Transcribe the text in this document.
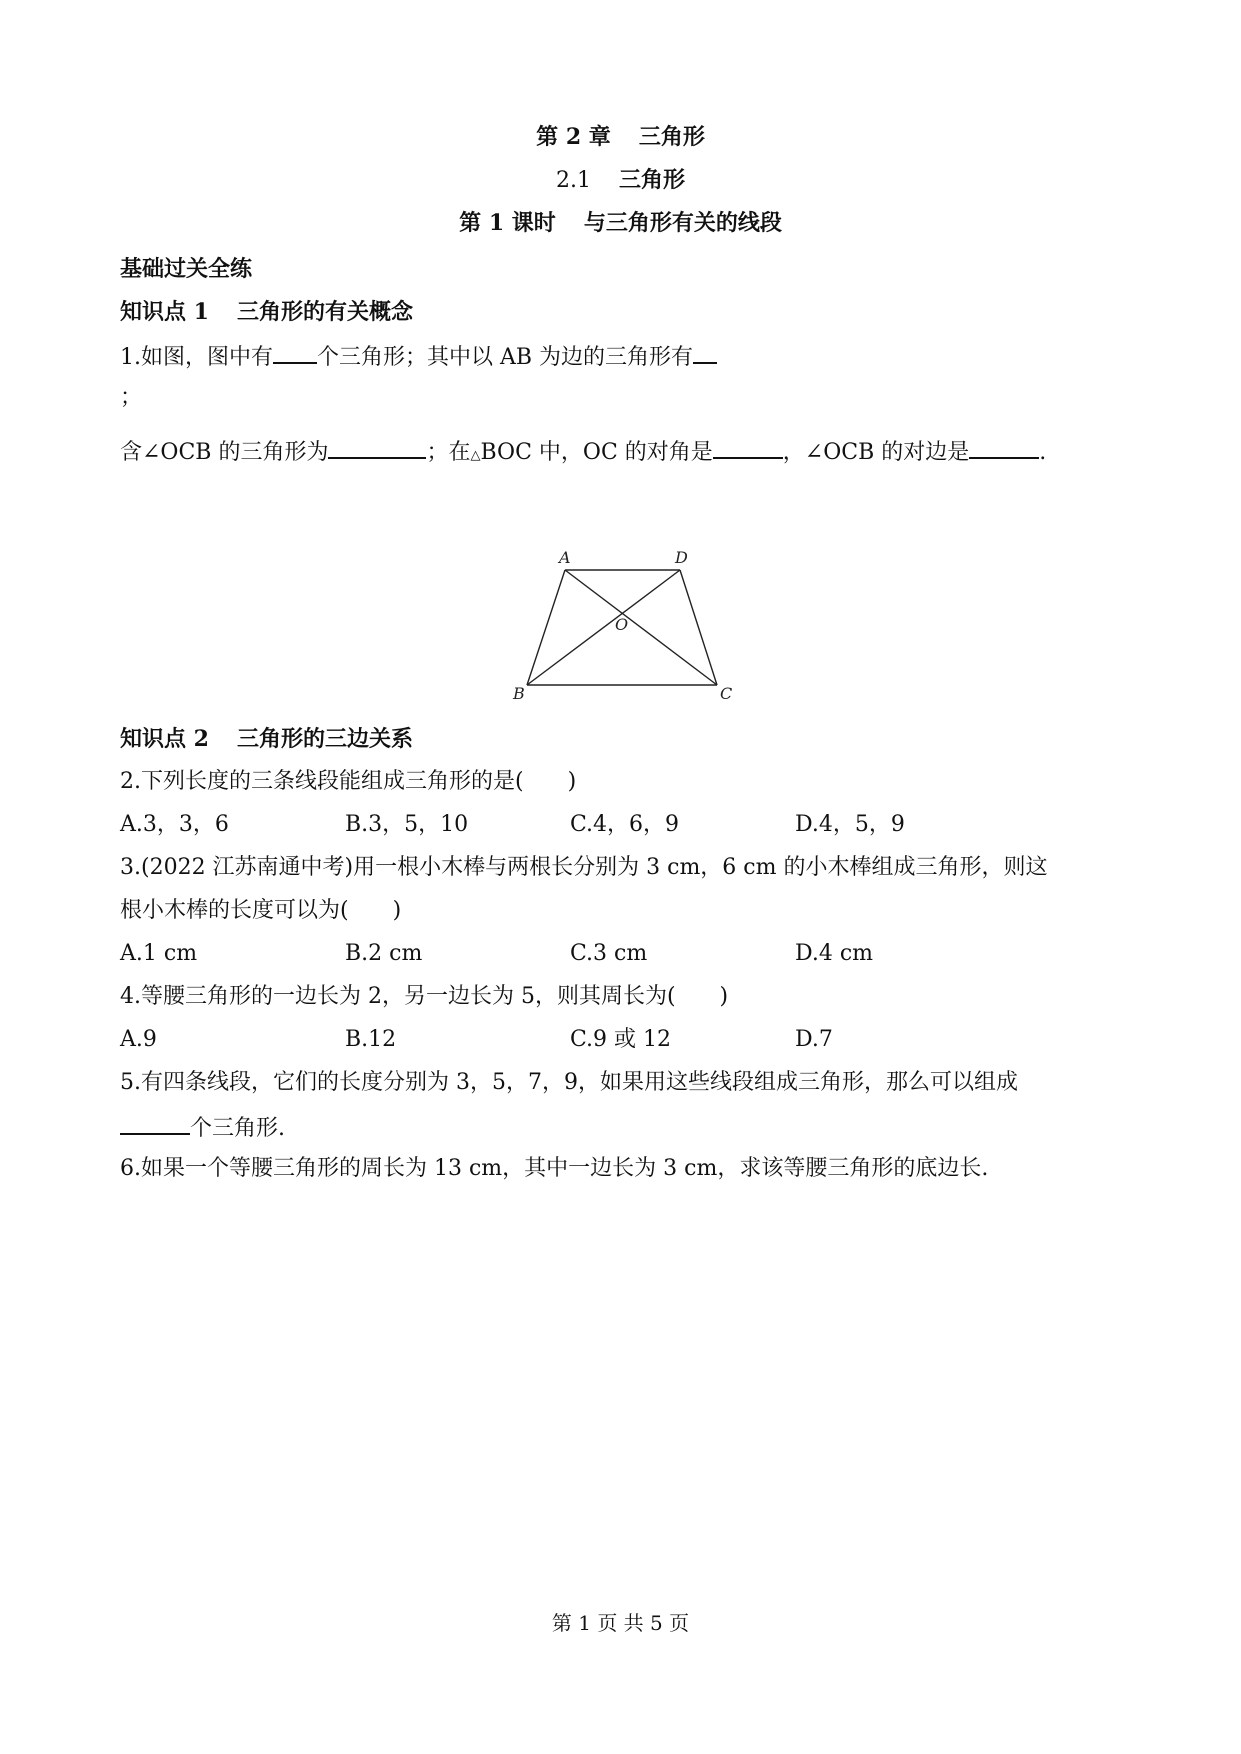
第 2 章 三角形
2.1 三角形
第 1 课时 与三角形有关的线段
基础过关全练
知识点 1 三角形的有关概念
1.如图，图中有 个三角形；其中以 AB 为边的三角形有
；
含∠OCB 的三角形为	；在△BOC 中，OC 的对角是	，∠OCB 的对边是	.
A	D
O
B	C
知识点 2 三角形的三边关系
2.下列长度的三条线段能组成三角形的是(　　)
A.3，3，6	B.3，5，10	C.4，6，9	D.4，5，9
3.(2022 江苏南通中考)用一根小木棒与两根长分别为 3 cm，6 cm 的小木棒组成三角形，则这
根小木棒的长度可以为(　　)
A.1 cm	B.2 cm	C.3 cm	D.4 cm
4.等腰三角形的一边长为 2，另一边长为 5，则其周长为(　　)
A.9	B.12	C.9 或 12	D.7
5.有四条线段，它们的长度分别为 3，5，7，9，如果用这些线段组成三角形，那么可以组成
个三角形.
6.如果一个等腰三角形的周长为 13 cm，其中一边长为 3 cm，求该等腰三角形的底边长.
第 1 页 共 5 页
